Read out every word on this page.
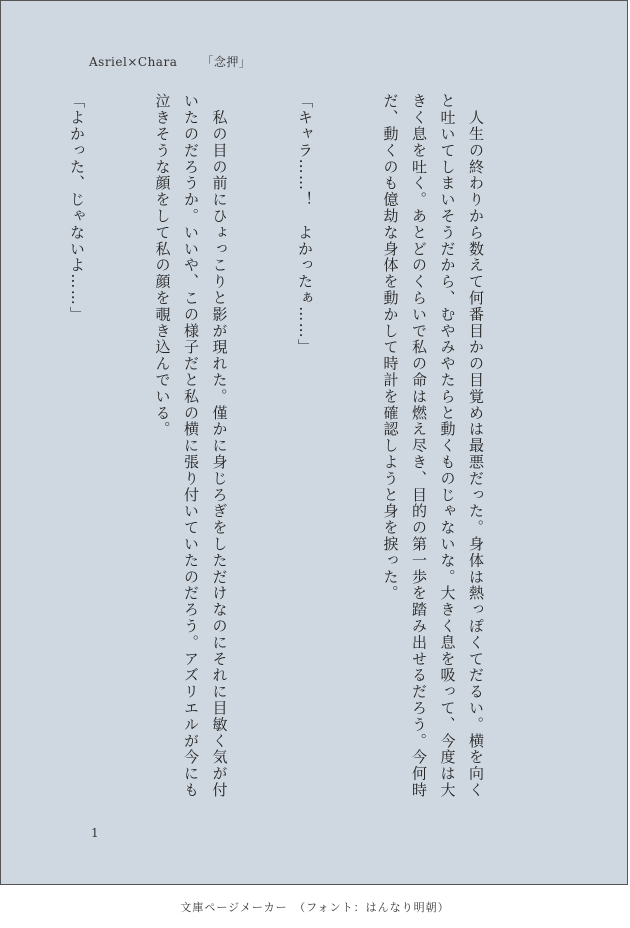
Asriel×Chara 「念押」

　人生の終わりから数えて何番目かの目覚めは最悪だった。身体は熱っぽくてだるい。横を向くと吐いてしまいそうだから、むやみやたらと動くものじゃないな。大きく息を吸って、今度は大きく息を吐く。あとどのくらいで私の命は燃え尽き、目的の第一歩を踏み出せるだろう。今何時だ、動くのも億劫な身体を動かして時計を確認しようと身を捩った。

「キャラ……！　よかったぁ……」

　私の目の前にひょっこりと影が現れた。僅かに身じろぎをしただけなのにそれに目敏く気が付いたのだろうか。いいや、この様子だと私の横に張り付いていたのだろう。アズリエルが今にも泣きそうな顔をして私の顔を覗き込んでいる。

「よかった、じゃないよ……」

1
文庫ページメーカー　（フォント：はんなり明朝）
